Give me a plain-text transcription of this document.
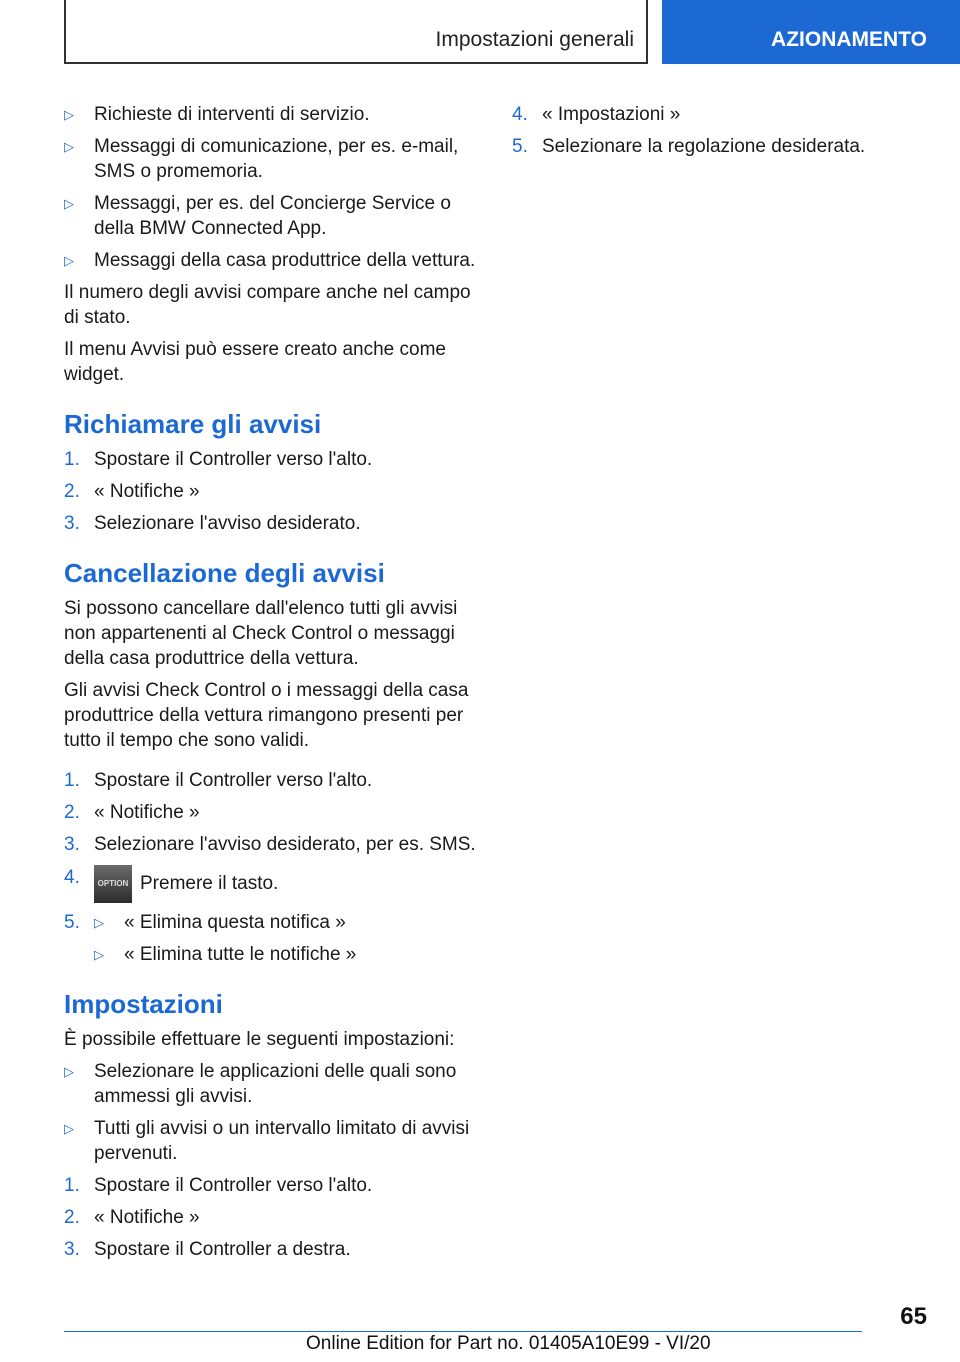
Impostazioni generali	AZIONAMENTO
▷ Richieste di interventi di servizio.
▷ Messaggi di comunicazione, per es. e-mail, SMS o promemoria.
▷ Messaggi, per es. del Concierge Service o della BMW Connected App.
▷ Messaggi della casa produttrice della vettura.

Il numero degli avvisi compare anche nel campo di stato.

Il menu Avvisi può essere creato anche come widget.

Richiamare gli avvisi
1. Spostare il Controller verso l'alto.
2. « Notifiche »
3. Selezionare l'avviso desiderato.
Cancellazione degli avvisi

Si possono cancellare dall'elenco tutti gli avvisi non appartenenti al Check Control o messaggi della casa produttrice della vettura.

Gli avvisi Check Control o i messaggi della casa produttrice della vettura rimangono presenti per tutto il tempo che sono validi.

1. Spostare il Controller verso l'alto.
2. « Notifiche »
3. Selezionare l'avviso desiderato, per es. SMS.
4. OPTION Premere il tasto.
5. ▷ « Elimina questa notifica »
▷ « Elimina tutte le notifiche »
Impostazioni

È possibile effettuare le seguenti impostazioni:

▷ Selezionare le applicazioni delle quali sono ammessi gli avvisi.
▷ Tutti gli avvisi o un intervallo limitato di avvisi pervenuti.
1. Spostare il Controller verso l'alto.
2. « Notifiche »
3. Spostare il Controller a destra.
4. « Impostazioni »
5. Selezionare la regolazione desiderata.
65
Online Edition for Part no. 01405A10E99 - VI/20
